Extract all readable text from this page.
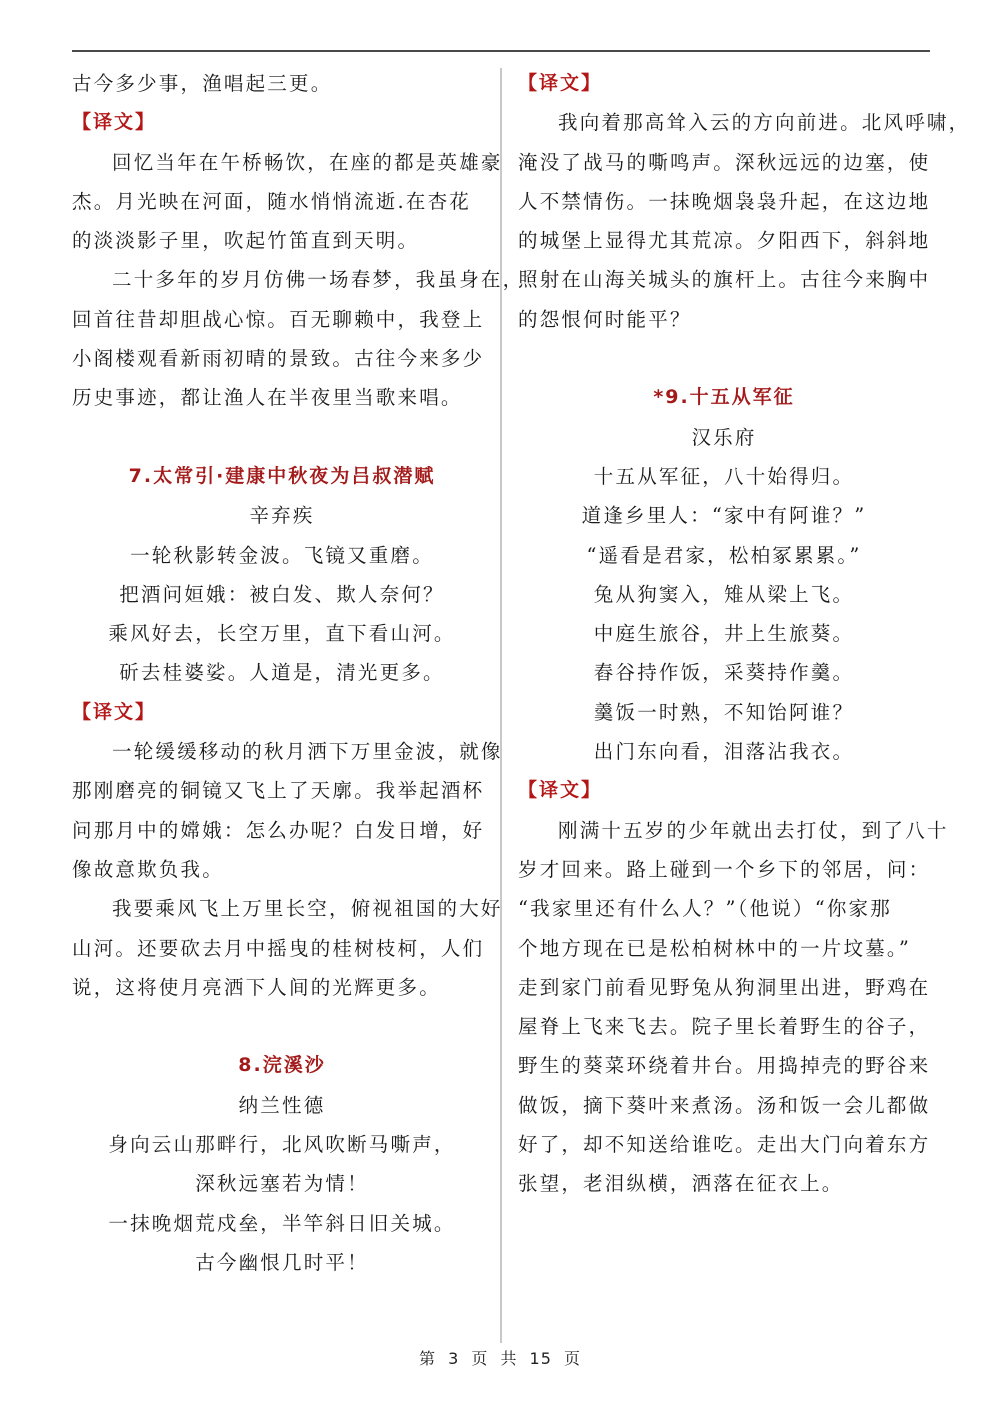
古今多少事，渔唱起三更。
【译文】
回忆当年在午桥畅饮，在座的都是英雄豪
杰。月光映在河面，随水悄悄流逝.在杏花
的淡淡影子里，吹起竹笛直到天明。
二十多年的岁月仿佛一场春梦，我虽身在，
回首往昔却胆战心惊。百无聊赖中，我登上
小阁楼观看新雨初晴的景致。古往今来多少
历史事迹，都让渔人在半夜里当歌来唱。
7.太常引·建康中秋夜为吕叔潜赋
辛弃疾
一轮秋影转金波。飞镜又重磨。
把酒问姮娥：被白发、欺人奈何？
乘风好去，长空万里，直下看山河。
斫去桂婆娑。人道是，清光更多。
【译文】
一轮缓缓移动的秋月洒下万里金波，就像
那刚磨亮的铜镜又飞上了天廓。我举起酒杯
问那月中的嫦娥：怎么办呢？白发日增，好
像故意欺负我。
我要乘风飞上万里长空，俯视祖国的大好
山河。还要砍去月中摇曳的桂树枝柯，人们
说，这将使月亮洒下人间的光辉更多。
8.浣溪沙
纳兰性德
身向云山那畔行，北风吹断马嘶声，
深秋远塞若为情！
一抹晚烟荒戍垒，半竿斜日旧关城。
古今幽恨几时平！
【译文】
我向着那高耸入云的方向前进。北风呼啸，
淹没了战马的嘶鸣声。深秋远远的边塞，使
人不禁情伤。一抹晚烟袅袅升起，在这边地
的城堡上显得尤其荒凉。夕阳西下，斜斜地
照射在山海关城头的旗杆上。古往今来胸中
的怨恨何时能平？
*9.十五从军征
汉乐府
十五从军征，八十始得归。
道逢乡里人：“家中有阿谁？”
“遥看是君家，松柏冢累累。”
兔从狗窦入，雉从梁上飞。
中庭生旅谷，井上生旅葵。
舂谷持作饭，采葵持作羹。
羹饭一时熟，不知饴阿谁？
出门东向看，泪落沾我衣。
【译文】
刚满十五岁的少年就出去打仗，到了八十
岁才回来。路上碰到一个乡下的邻居，问：
“我家里还有什么人？”（他说）“你家那
个地方现在已是松柏树林中的一片坟墓。”
走到家门前看见野兔从狗洞里出进，野鸡在
屋脊上飞来飞去。院子里长着野生的谷子，
野生的葵菜环绕着井台。用捣掉壳的野谷来
做饭，摘下葵叶来煮汤。汤和饭一会儿都做
好了，却不知送给谁吃。走出大门向着东方
张望，老泪纵横，洒落在征衣上。
第 3 页 共 15 页
